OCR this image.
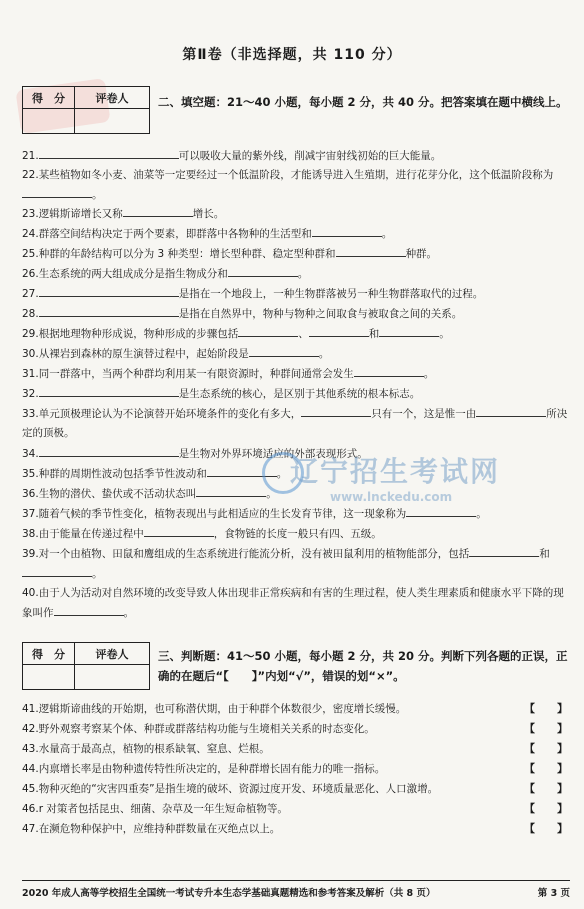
第Ⅱ卷（非选择题，共 110 分）
得　分	评卷人	二、填空题：21～40 小题，每小题 2 分，共 40 分。把答案填在题中横线上。
21.	可以吸收大量的紫外线，削减宇宙射线初始的巨大能量。
22.某些植物如冬小麦、油菜等一定要经过一个低温阶段，才能诱导进入生殖期，进行花芽分化，这个低温阶段称为。
23.逻辑斯谛增长又称	增长。
24.群落空间结构决定于两个要素，即群落中各物种的生活型和	。
25.种群的年龄结构可以分为 3 种类型：增长型种群、稳定型种群和	种群。
26.生态系统的两大组成成分是指生物成分和	。
27.	是指在一个地段上，一种生物群落被另一种生物群落取代的过程。
28.	是指在自然界中，物种与物种之间取食与被取食之间的关系。
29.根据地理物种形成说，物种形成的步骤包括	、	和	。
30.从裸岩到森林的原生演替过程中，起始阶段是	。
31.同一群落中，当两个种群均利用某一有限资源时，种群间通常会发生	。
32.	是生态系统的核心，是区别于其他系统的根本标志。
33.单元顶极理论认为不论演替开始环境条件的变化有多大，	只有一个，这是惟一由	所决定的顶极。
34.	是生物对外界环境适应的外部表现形式。
35.种群的周期性波动包括季节性波动和	。
36.生物的潜伏、蛰伏或不活动状态叫	。
37.随着气候的季节性变化，植物表现出与此相适应的生长发育节律，这一现象称为	。
38.由于能量在传递过程中	，食物链的长度一般只有四、五级。
39.对一个由植物、田鼠和鹰组成的生态系统进行能流分析，没有被田鼠利用的植物能部分，包括	和。
40.由于人为活动对自然环境的改变导致人体出现非正常疾病和有害的生理过程，使人类生理素质和健康水平下降的现象叫作	。
得　分	评卷人	三、判断题：41～50 小题，每小题 2 分，共 20 分。判断下列各题的正误，正确的在题后“【　　】”内划“√”，错误的划“×”。
41.逻辑斯谛曲线的开始期，也可称潜伏期，由于种群个体数很少，密度增长缓慢。	【　　】
42.野外观察考察某个体、种群或群落结构功能与生境相关关系的时态变化。	【　　】
43.水量高于最高点，植物的根系缺氧、窒息、烂根。	【　　】
44.内禀增长率是由物种遗传特性所决定的，是种群增长固有能力的唯一指标。	【　　】
45.物种灭绝的“灾害四重奏”是指生境的破坏、资源过度开发、环境质量恶化、人口激增。	【　　】
46.r 对策者包括昆虫、细菌、杂草及一年生短命植物等。	【　　】
47.在濒危物种保护中，应维持种群数量在灭绝点以上。	【　　】
辽宁招生考试网
www.lnckedu.com
2020 年成人高等学校招生全国统一考试专升本生态学基础真题精选和参考答案及解析（共 8 页）	第 3 页
